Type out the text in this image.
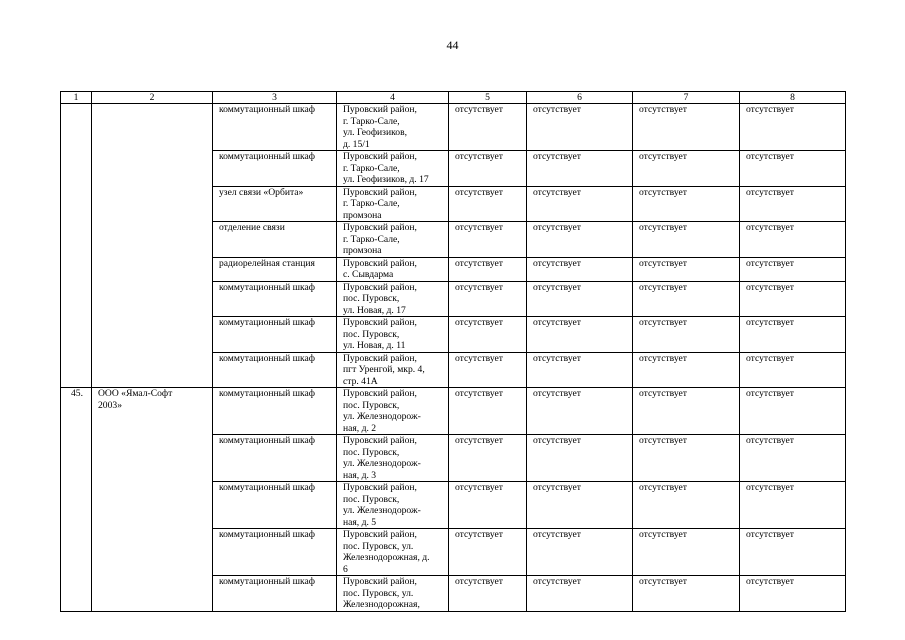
44
1	2	3	4	5	6	7	8
		коммутационный шкаф	Пуровский район,
г. Тарко-Сале,
ул. Геофизиков,
д. 15/1	отсутствует	отсутствует	отсутствует	отсутствует
		коммутационный шкаф	Пуровский район,
г. Тарко-Сале,
ул. Геофизиков, д. 17	отсутствует	отсутствует	отсутствует	отсутствует
		узел связи «Орбита»	Пуровский район,
г. Тарко-Сале,
промзона	отсутствует	отсутствует	отсутствует	отсутствует
		отделение связи	Пуровский район,
г. Тарко-Сале,
промзона	отсутствует	отсутствует	отсутствует	отсутствует
		радиорелейная станция	Пуровский район,
с. Сывдарма	отсутствует	отсутствует	отсутствует	отсутствует
		коммутационный шкаф	Пуровский район,
пос. Пуровск,
ул. Новая, д. 17	отсутствует	отсутствует	отсутствует	отсутствует
		коммутационный шкаф	Пуровский район,
пос. Пуровск,
ул. Новая, д. 11	отсутствует	отсутствует	отсутствует	отсутствует
		коммутационный шкаф	Пуровский район,
пгт Уренгой, мкр. 4,
стр. 41А	отсутствует	отсутствует	отсутствует	отсутствует
45.	ООО «Ямал-Софт
2003»	коммутационный шкаф	Пуровский район,
пос. Пуровск,
ул. Железнодорож-
ная, д. 2	отсутствует	отсутствует	отсутствует	отсутствует
		коммутационный шкаф	Пуровский район,
пос. Пуровск,
ул. Железнодорож-
ная, д. 3	отсутствует	отсутствует	отсутствует	отсутствует
		коммутационный шкаф	Пуровский район,
пос. Пуровск,
ул. Железнодорож-
ная, д. 5	отсутствует	отсутствует	отсутствует	отсутствует
		коммутационный шкаф	Пуровский район,
пос. Пуровск, ул.
Железнодорожная, д.
6	отсутствует	отсутствует	отсутствует	отсутствует
		коммутационный шкаф	Пуровский район,
пос. Пуровск, ул.
Железнодорожная,	отсутствует	отсутствует	отсутствует	отсутствует
